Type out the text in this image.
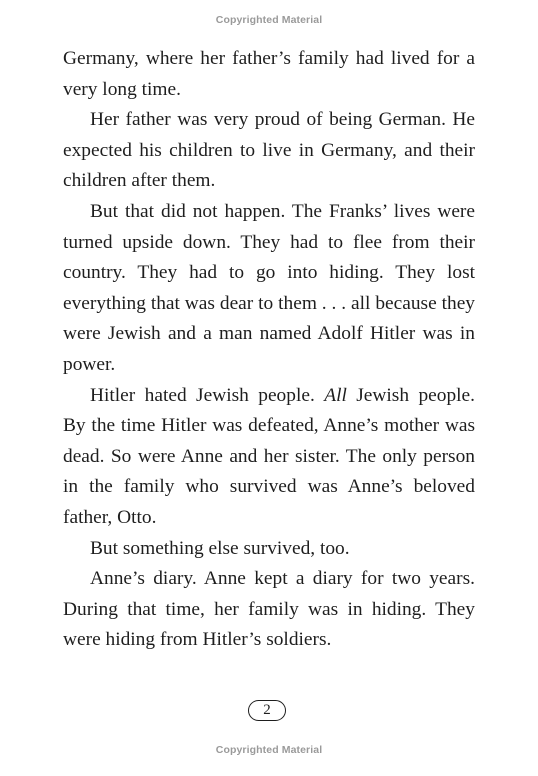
Copyrighted Material

Germany, where her father’s family had lived for a very long time.

Her father was very proud of being German. He expected his children to live in Germany, and their children after them.

But that did not happen. The Franks’ lives were turned upside down. They had to flee from their country. They had to go into hiding. They lost everything that was dear to them . . . all because they were Jewish and a man named Adolf Hitler was in power.

Hitler hated Jewish people. All Jewish people. By the time Hitler was defeated, Anne’s mother was dead. So were Anne and her sister. The only person in the family who survived was Anne’s beloved father, Otto.

But something else survived, too.

Anne’s diary. Anne kept a diary for two years. During that time, her family was in hiding. They were hiding from Hitler’s soldiers.

2
Copyrighted Material
